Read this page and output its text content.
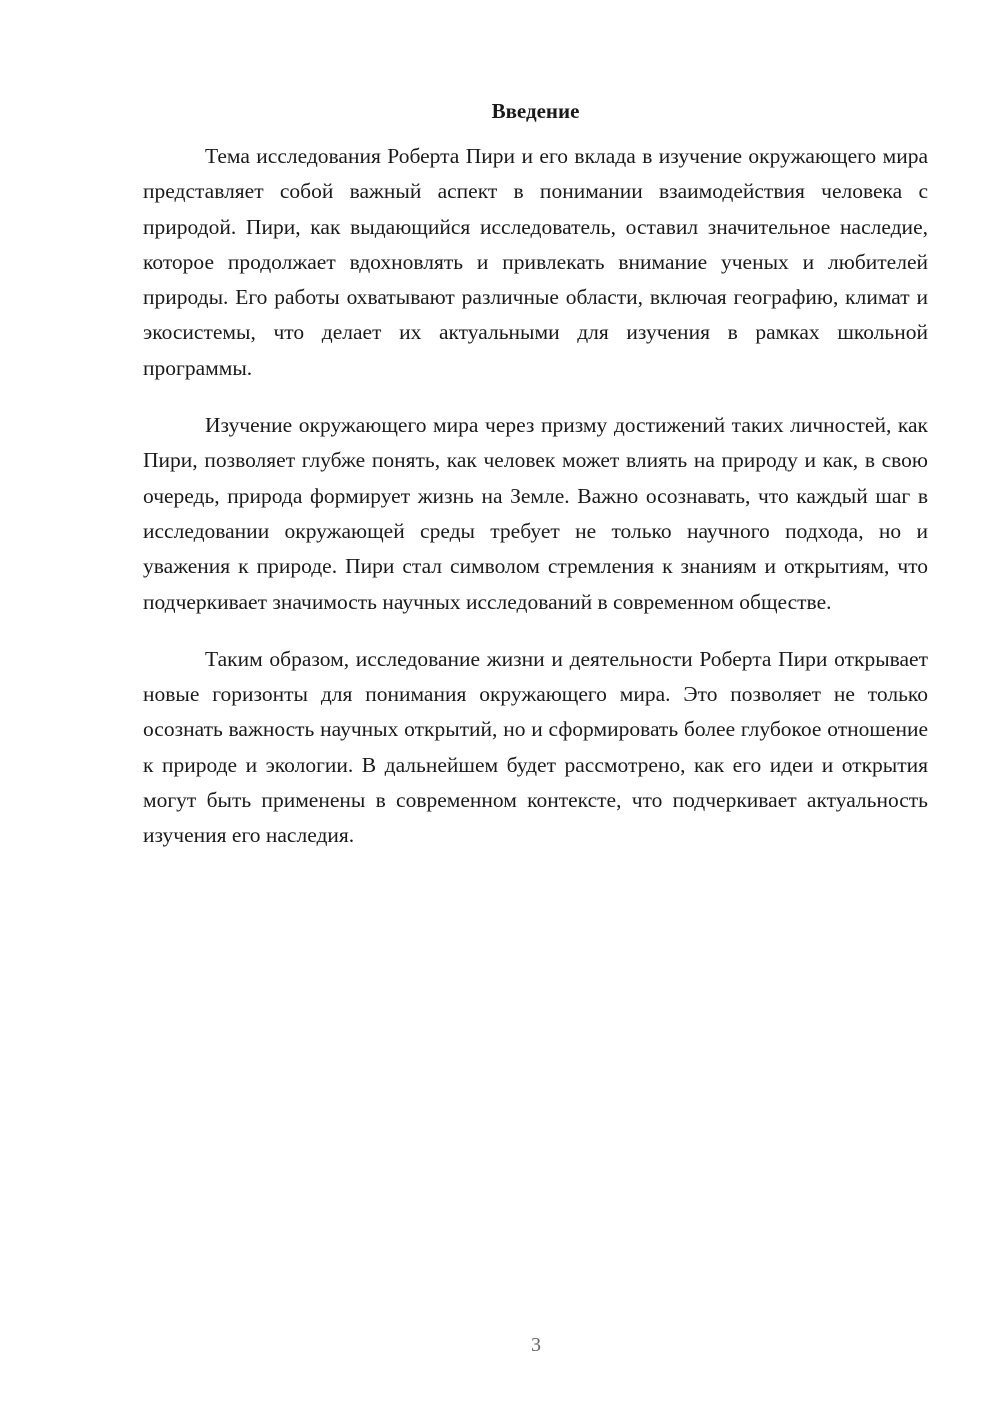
Введение

Тема исследования Роберта Пири и его вклада в изучение окружающего мира представляет собой важный аспект в понимании взаимодействия человека с природой. Пири, как выдающийся исследователь, оставил значительное наследие, которое продолжает вдохновлять и привлекать внимание ученых и любителей природы. Его работы охватывают различные области, включая географию, климат и экосистемы, что делает их актуальными для изучения в рамках школьной программы.

Изучение окружающего мира через призму достижений таких личностей, как Пири, позволяет глубже понять, как человек может влиять на природу и как, в свою очередь, природа формирует жизнь на Земле. Важно осознавать, что каждый шаг в исследовании окружающей среды требует не только научного подхода, но и уважения к природе. Пири стал символом стремления к знаниям и открытиям, что подчеркивает значимость научных исследований в современном обществе.

Таким образом, исследование жизни и деятельности Роберта Пири открывает новые горизонты для понимания окружающего мира. Это позволяет не только осознать важность научных открытий, но и сформировать более глубокое отношение к природе и экологии. В дальнейшем будет рассмотрено, как его идеи и открытия могут быть применены в современном контексте, что подчеркивает актуальность изучения его наследия.

3
